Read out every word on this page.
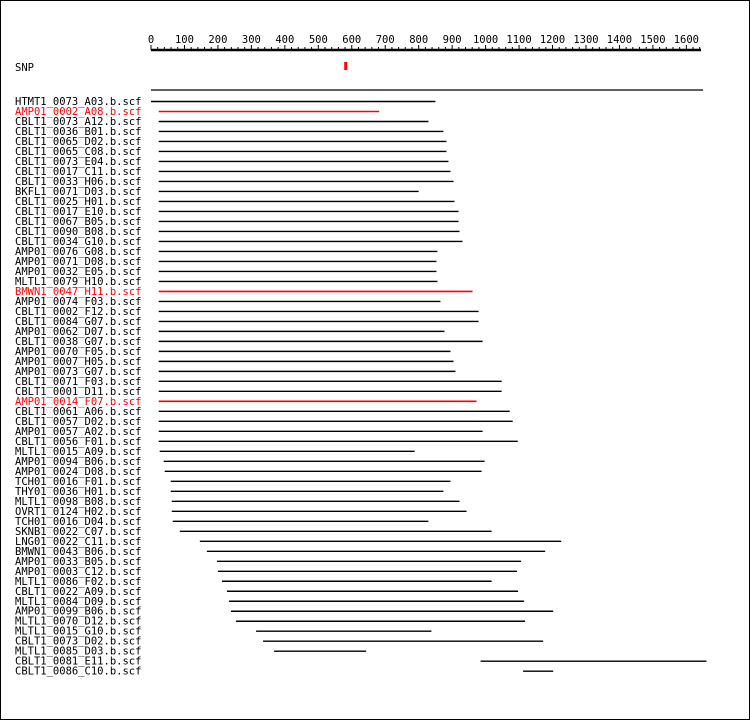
0 100 200 300 400 500 600 700 800 900 1000 1100 1200 1300 1400 1500 1600
SNP
HTMT1_0073_A03.b.scf
AMP01_0002_A08.b.scf
CBLT1_0073_A12.b.scf
CBLT1_0036_B01.b.scf
CBLT1_0065_D02.b.scf
CBLT1_0065_C08.b.scf
CBLT1_0073_E04.b.scf
CBLT1_0017_C11.b.scf
CBLT1_0033_H06.b.scf
BKFL1_0071_D03.b.scf
CBLT1_0025_H01.b.scf
CBLT1_0017_E10.b.scf
CBLT1_0067_B05.b.scf
CBLT1_0090_B08.b.scf
CBLT1_0034_G10.b.scf
AMP01_0076_G08.b.scf
AMP01_0071_D08.b.scf
AMP01_0032_E05.b.scf
MLTL1_0079_H10.b.scf
BMWN1_0047_H11.b.scf
AMP01_0074_F03.b.scf
CBLT1_0002_F12.b.scf
CBLT1_0084_G07.b.scf
AMP01_0062_D07.b.scf
CBLT1_0038_G07.b.scf
AMP01_0070_F05.b.scf
AMP01_0007_H05.b.scf
AMP01_0073_G07.b.scf
CBLT1_0071_F03.b.scf
CBLT1_0001_D11.b.scf
AMP01_0014_F07.b.scf
CBLT1_0061_A06.b.scf
CBLT1_0057_D02.b.scf
AMP01_0057_A02.b.scf
CBLT1_0056_F01.b.scf
MLTL1_0015_A09.b.scf
AMP01_0094_B06.b.scf
AMP01_0024_D08.b.scf
TCH01_0016_F01.b.scf
THY01_0036_H01.b.scf
MLTL1_0098_B08.b.scf
OVRT1_0124_H02.b.scf
TCH01_0016_D04.b.scf
SKNB1_0022_C07.b.scf
LNG01_0022_C11.b.scf
BMWN1_0043_B06.b.scf
AMP01_0033_B05.b.scf
AMP01_0003_C12.b.scf
MLTL1_0086_F02.b.scf
CBLT1_0022_A09.b.scf
MLTL1_0084_D09.b.scf
AMP01_0099_B06.b.scf
MLTL1_0070_D12.b.scf
MLTL1_0015_G10.b.scf
CBLT1_0073_D02.b.scf
MLTL1_0085_D03.b.scf
CBLT1_0081_E11.b.scf
CBLT1_0086_C10.b.scf
